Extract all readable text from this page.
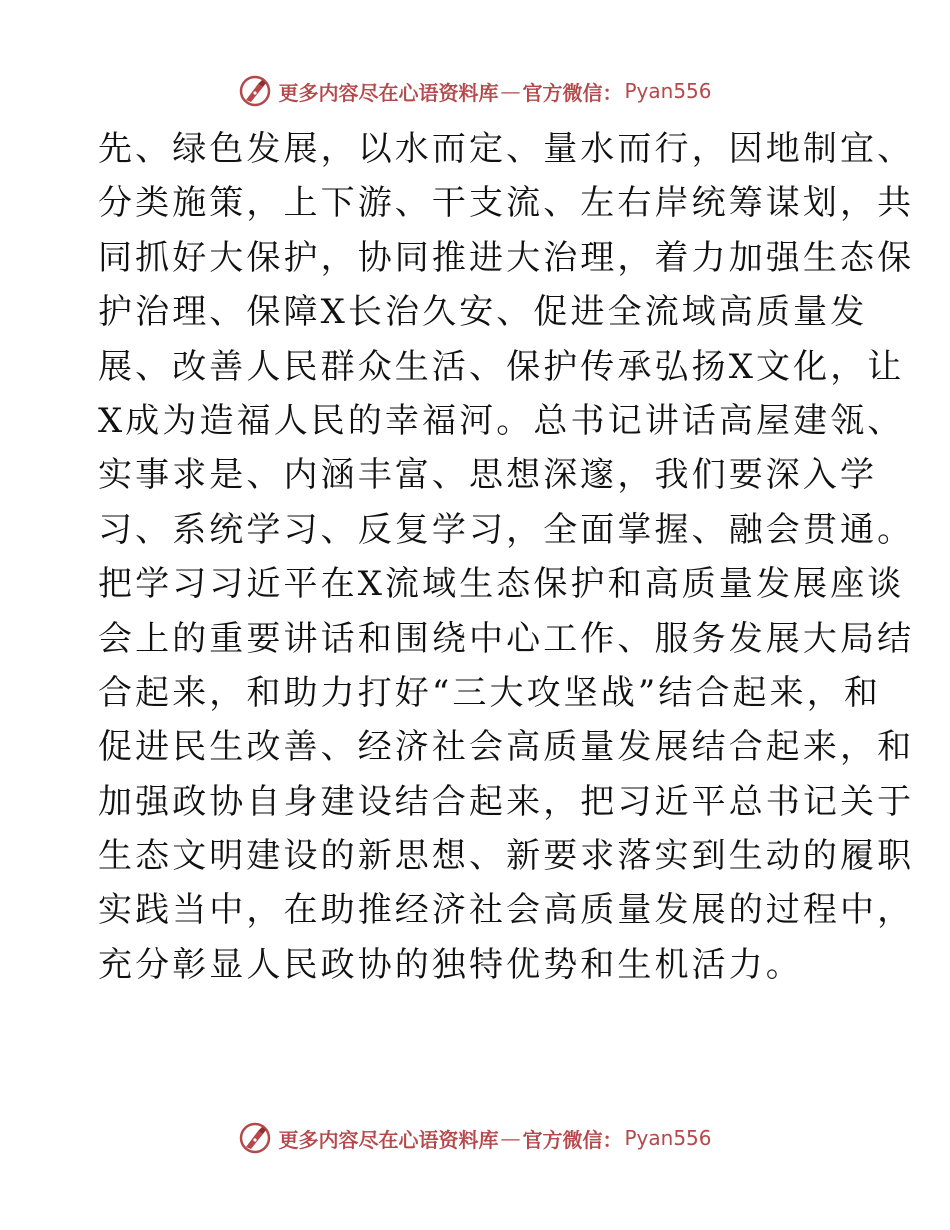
更多内容尽在心语资料库 — 官方微信： Pyan556
先、绿色发展，以水而定、量水而行，因地制宜、
分类施策，上下游、干支流、左右岸统筹谋划，共
同抓好大保护，协同推进大治理，着力加强生态保
护治理、保障X长治久安、促进全流域高质量发
展、改善人民群众生活、保护传承弘扬X文化，让
X成为造福人民的幸福河。总书记讲话高屋建瓴、
实事求是、内涵丰富、思想深邃，我们要深入学
习、系统学习、反复学习，全面掌握、融会贯通。
把学习习近平在X流域生态保护和高质量发展座谈
会上的重要讲话和围绕中心工作、服务发展大局结
合起来，和助力打好“三大攻坚战”结合起来，和
促进民生改善、经济社会高质量发展结合起来，和
加强政协自身建设结合起来，把习近平总书记关于
生态文明建设的新思想、新要求落实到生动的履职
实践当中，在助推经济社会高质量发展的过程中，
充分彰显人民政协的独特优势和生机活力。
更多内容尽在心语资料库 — 官方微信： Pyan556
